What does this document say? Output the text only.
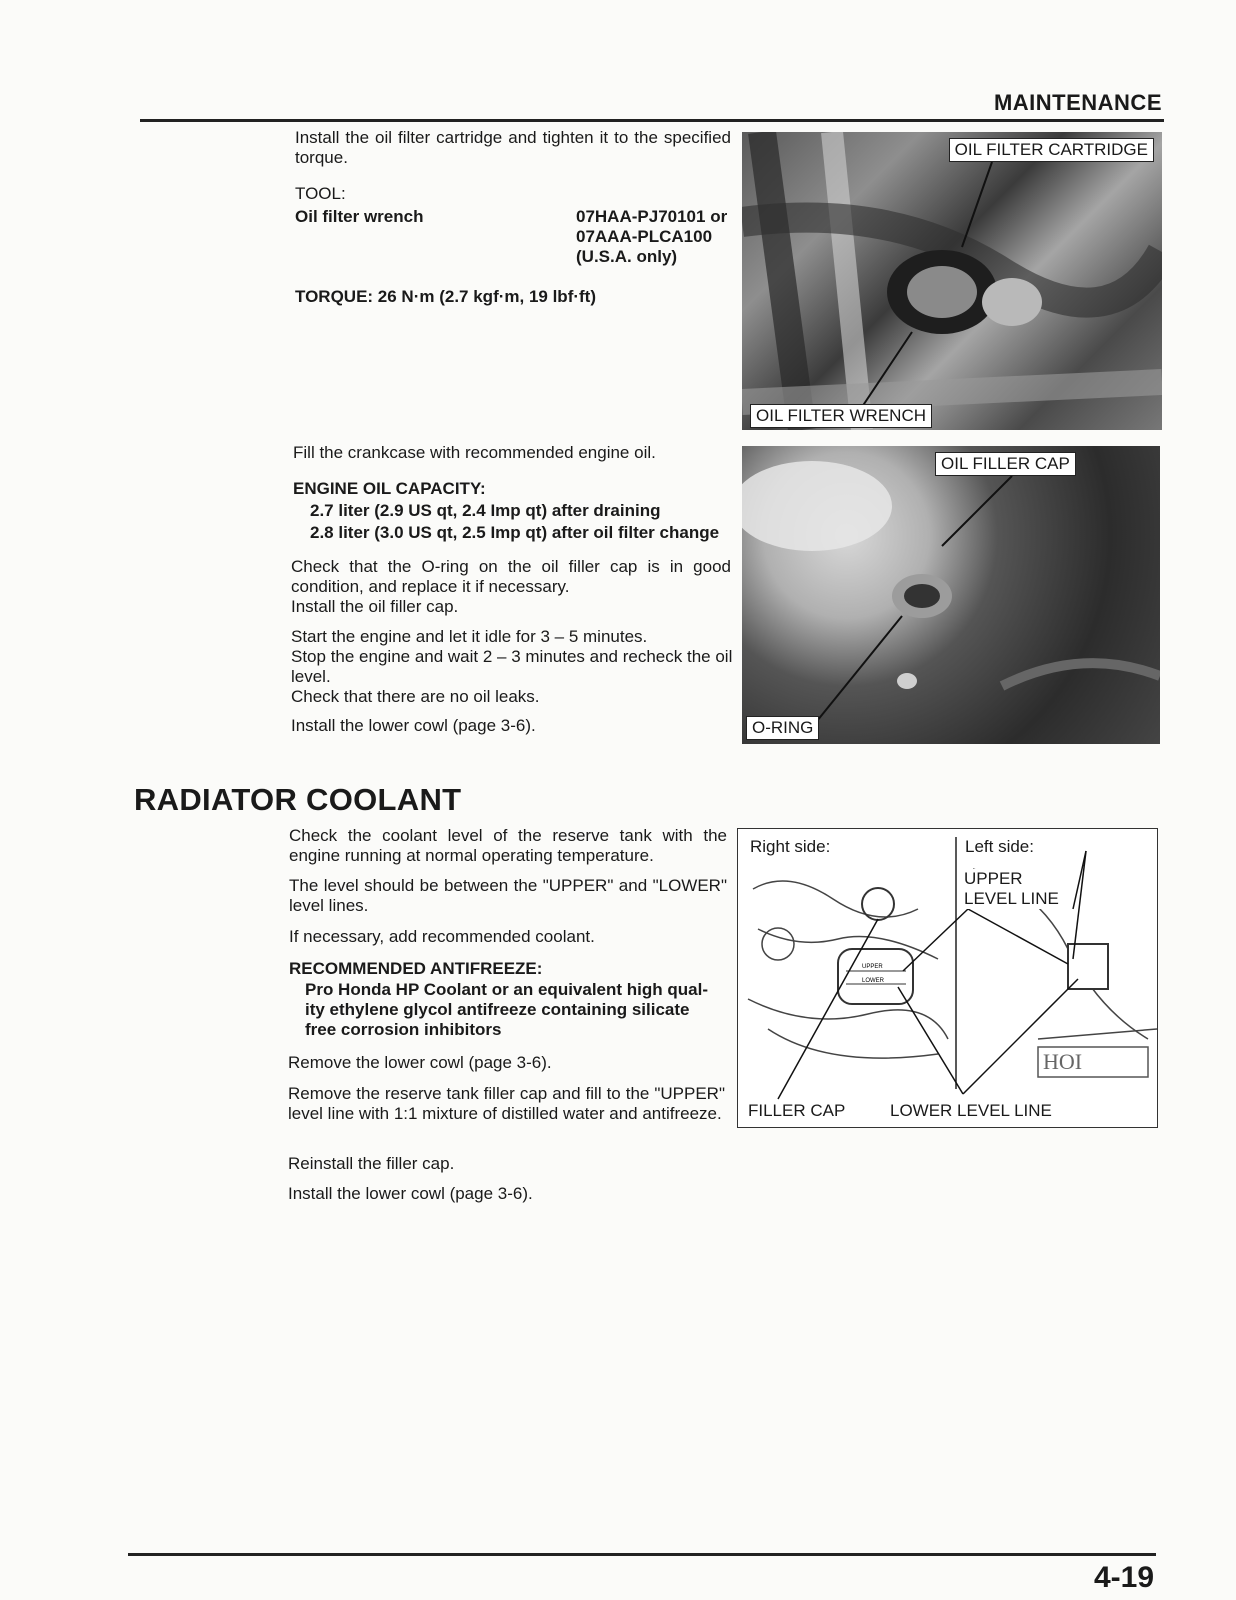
MAINTENANCE
Install the oil filter cartridge and tighten it to the specified torque.
TOOL:
Oil filter wrench	07HAA-PJ70101 or
07AAA-PLCA100
(U.S.A. only)
TORQUE: 26 N·m (2.7 kgf·m, 19 lbf·ft)
Fill the crankcase with recommended engine oil.
ENGINE OIL CAPACITY:
2.7 liter (2.9 US qt, 2.4 Imp qt) after draining
2.8 liter (3.0 US qt, 2.5 Imp qt) after oil filter change
Check that the O-ring on the oil filler cap is in good condition, and replace it if necessary.
Install the oil filler cap.
Start the engine and let it idle for 3 – 5 minutes.
Stop the engine and wait 2 – 3 minutes and recheck the oil level.
Check that there are no oil leaks.
Install the lower cowl (page 3-6).
OIL FILTER CARTRIDGE
OIL FILTER WRENCH
OIL FILLER CAP
O-RING
RADIATOR COOLANT
Check the coolant level of the reserve tank with the engine running at normal operating temperature.
The level should be between the "UPPER" and "LOWER" level lines.
If necessary, add recommended coolant.
RECOMMENDED ANTIFREEZE:
Pro Honda HP Coolant or an equivalent high qual-
ity ethylene glycol antifreeze containing silicate
free corrosion inhibitors
Remove the lower cowl (page 3-6).
Remove the reserve tank filler cap and fill to the "UPPER" level line with 1:1 mixture of distilled water and antifreeze.
Reinstall the filler cap.
Install the lower cowl (page 3-6).
UPPER
LOWER
HOI
Right side:	Left side:
UPPER
LEVEL LINE
FILLER CAP	LOWER LEVEL LINE
4-19
